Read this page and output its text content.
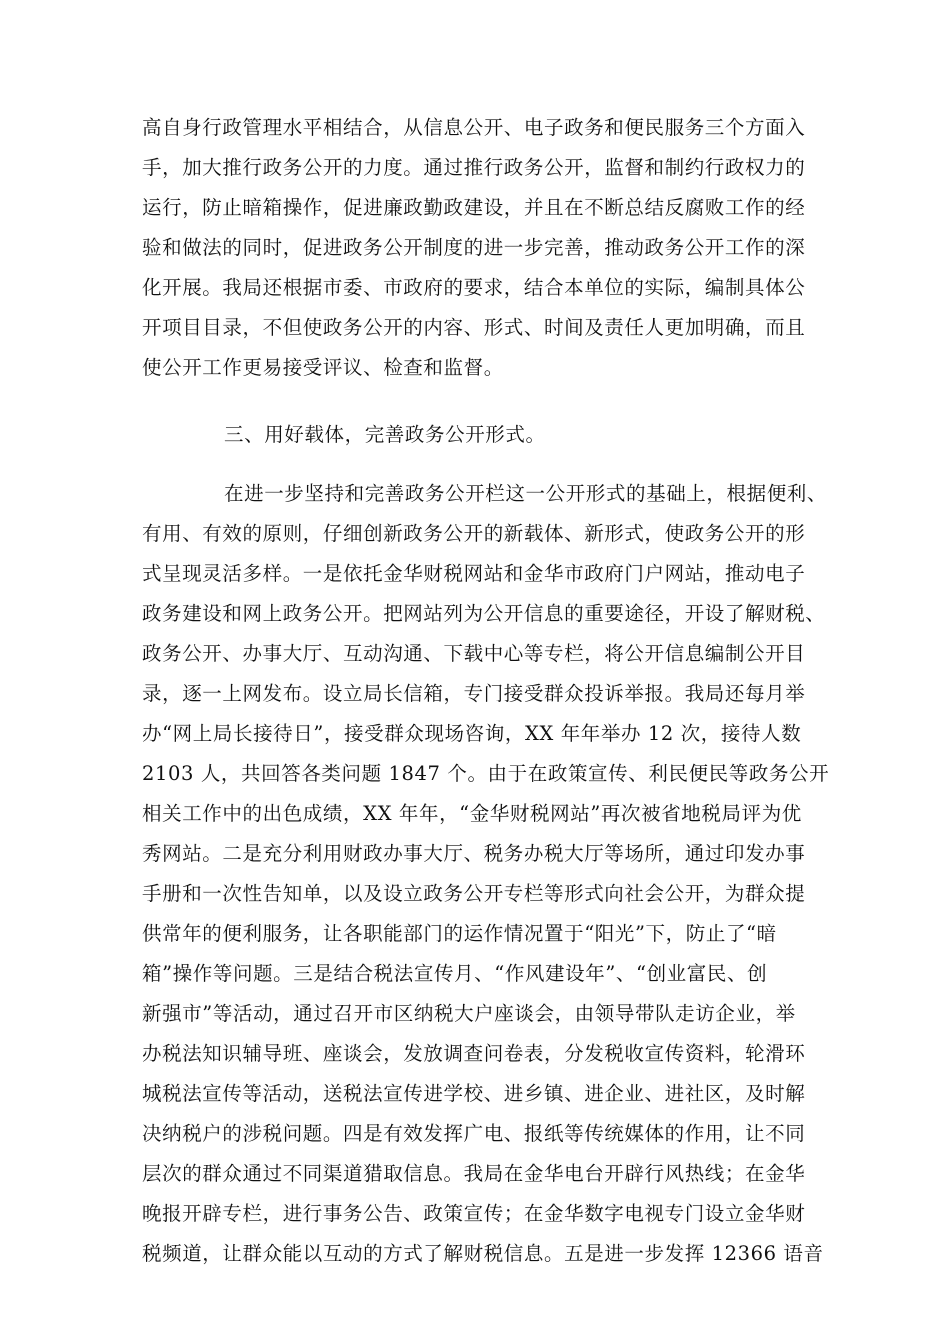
高自身行政管理水平相结合，从信息公开、电子政务和便民服务三个方面入
手，加大推行政务公开的力度。通过推行政务公开，监督和制约行政权力的
运行，防止暗箱操作，促进廉政勤政建设，并且在不断总结反腐败工作的经
验和做法的同时，促进政务公开制度的进一步完善，推动政务公开工作的深
化开展。我局还根据市委、市政府的要求，结合本单位的实际，编制具体公
开项目目录，不但使政务公开的内容、形式、时间及责任人更加明确，而且
使公开工作更易接受评议、检查和监督。
三、用好载体，完善政务公开形式。
在进一步坚持和完善政务公开栏这一公开形式的基础上，根据便利、
有用、有效的原则，仔细创新政务公开的新载体、新形式，使政务公开的形
式呈现灵活多样。一是依托金华财税网站和金华市政府门户网站，推动电子
政务建设和网上政务公开。把网站列为公开信息的重要途径，开设了解财税、
政务公开、办事大厅、互动沟通、下载中心等专栏，将公开信息编制公开目
录，逐一上网发布。设立局长信箱，专门接受群众投诉举报。我局还每月举
办“网上局长接待日”，接受群众现场咨询，XX 年年举办 12 次，接待人数
2103 人，共回答各类问题 1847 个。由于在政策宣传、利民便民等政务公开
相关工作中的出色成绩，XX 年年，“金华财税网站”再次被省地税局评为优
秀网站。二是充分利用财政办事大厅、税务办税大厅等场所，通过印发办事
手册和一次性告知单，以及设立政务公开专栏等形式向社会公开，为群众提
供常年的便利服务，让各职能部门的运作情况置于“阳光”下，防止了“暗
箱”操作等问题。三是结合税法宣传月、“作风建设年”、“创业富民、创
新强市”等活动，通过召开市区纳税大户座谈会，由领导带队走访企业，举
办税法知识辅导班、座谈会，发放调查问卷表，分发税收宣传资料，轮滑环
城税法宣传等活动，送税法宣传进学校、进乡镇、进企业、进社区，及时解
决纳税户的涉税问题。四是有效发挥广电、报纸等传统媒体的作用，让不同
层次的群众通过不同渠道猎取信息。我局在金华电台开辟行风热线；在金华
晚报开辟专栏，进行事务公告、政策宣传；在金华数字电视专门设立金华财
税频道，让群众能以互动的方式了解财税信息。五是进一步发挥 12366 语音
